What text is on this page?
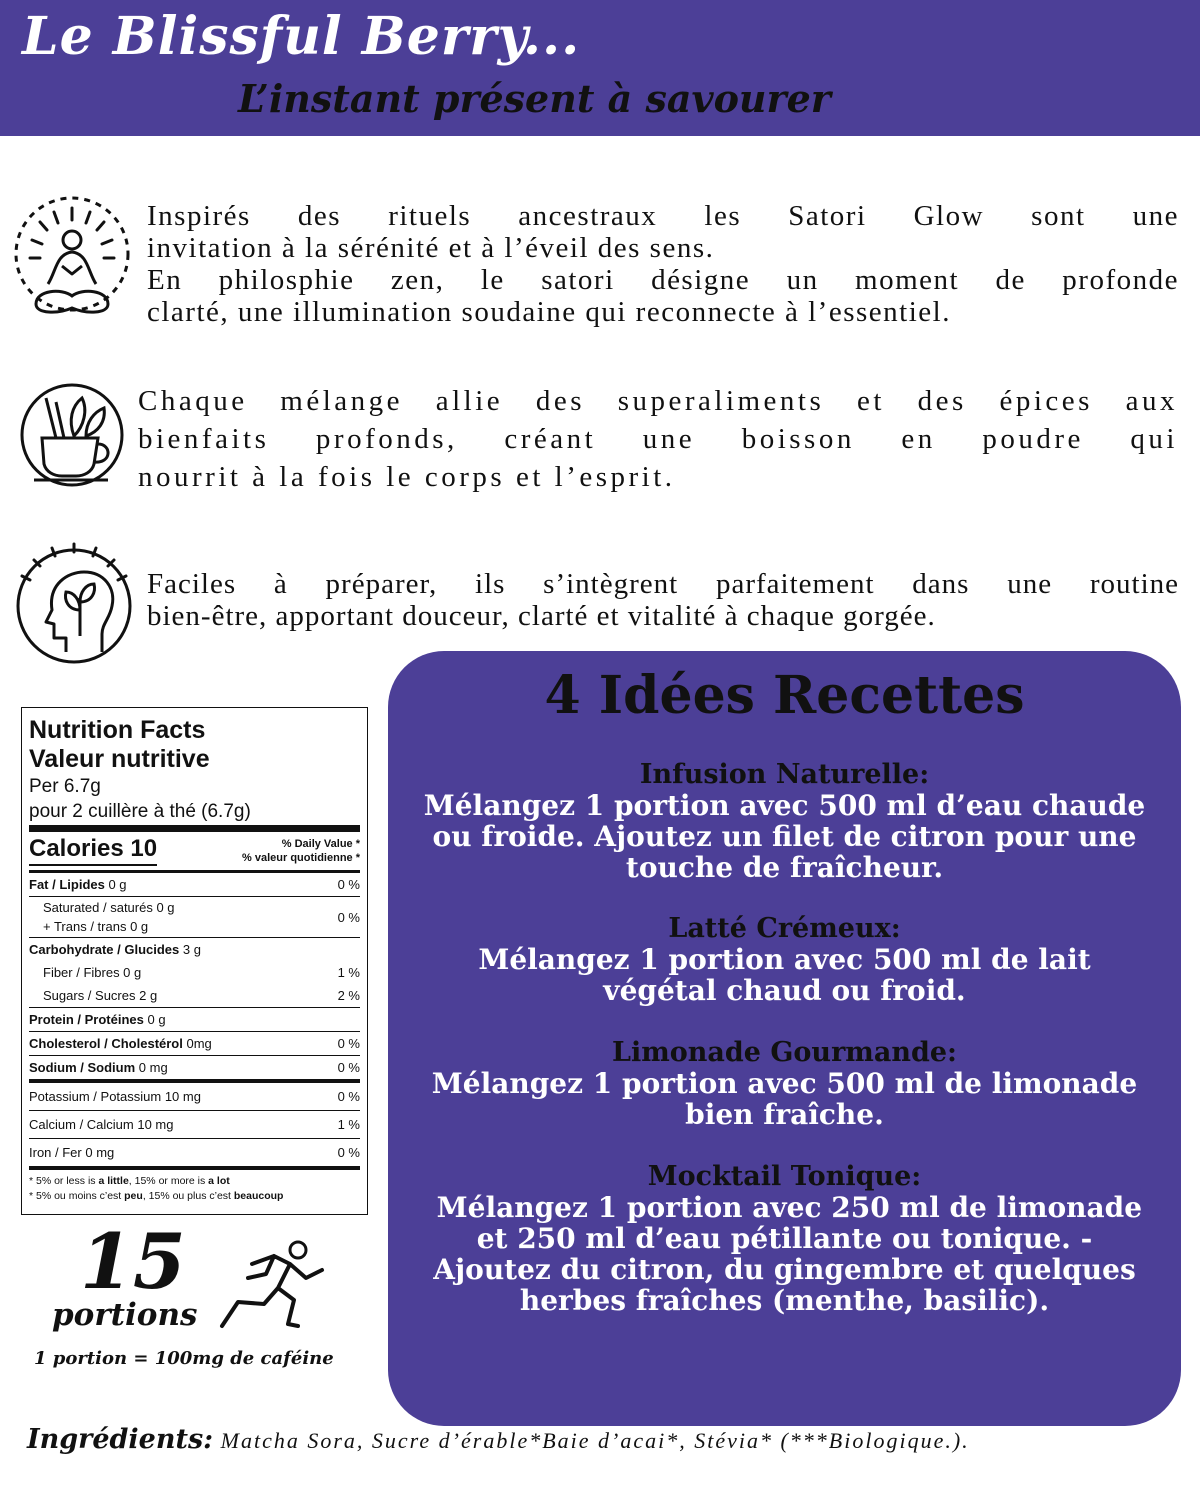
Le Blissful Berry...
L’instant présent à savourer
Inspirés des rituels ancestraux les Satori Glow sont une
invitation à la sérénité et à l’éveil des sens.
En philosphie zen, le satori désigne un moment de profonde
clarté, une illumination soudaine qui reconnecte à l’essentiel.
Chaque mélange allie des superaliments et des épices aux
bienfaits profonds, créant une boisson en poudre qui
nourrit à la fois le corps et l’esprit.
Faciles à préparer, ils s’intègrent parfaitement dans une routine
bien-être, apportant douceur, clarté et vitalité à chaque gorgée.
4 Idées Recettes
Infusion Naturelle:
Mélangez 1 portion avec 500 ml d’eau chaude
ou froide. Ajoutez un filet de citron pour une
touche de fraîcheur.
Latté Crémeux:
Mélangez 1 portion avec 500 ml de lait
végétal chaud ou froid.
Limonade Gourmande:
Mélangez 1 portion avec 500 ml de limonade
bien fraîche.
Mocktail Tonique:
Mélangez 1 portion avec 250 ml de limonade
et 250 ml d’eau pétillante ou tonique. -
Ajoutez du citron, du gingembre et quelques
herbes fraîches (menthe, basilic).
Nutrition Facts
Valeur nutritive
Per 6.7g
pour 2 cuillère à thé (6.7g)
Calories 10	% Daily Value *
% valeur quotidienne *
Fat / Lipides 0 g	0 %
Saturated / saturés 0 g
+ Trans / trans 0 g
0 %
Carbohydrate / Glucides 3 g
Fiber / Fibres 0 g	1 %
Sugars / Sucres 2 g	2 %
Protein / Protéines 0 g
Cholesterol / Cholestérol 0mg	0 %
Sodium / Sodium 0 mg	0 %
Potassium / Potassium 10 mg	0 %
Calcium / Calcium 10 mg	1 %
Iron / Fer 0 mg	0 %
* 5% or less is a little, 15% or more is a lot
* 5% ou moins c’est peu, 15% ou plus c’est beaucoup
15
portions
1 portion = 100mg de caféine
Ingrédients: Matcha Sora, Sucre d’érable*Baie d’acai*, Stévia* (***Biologique.).
